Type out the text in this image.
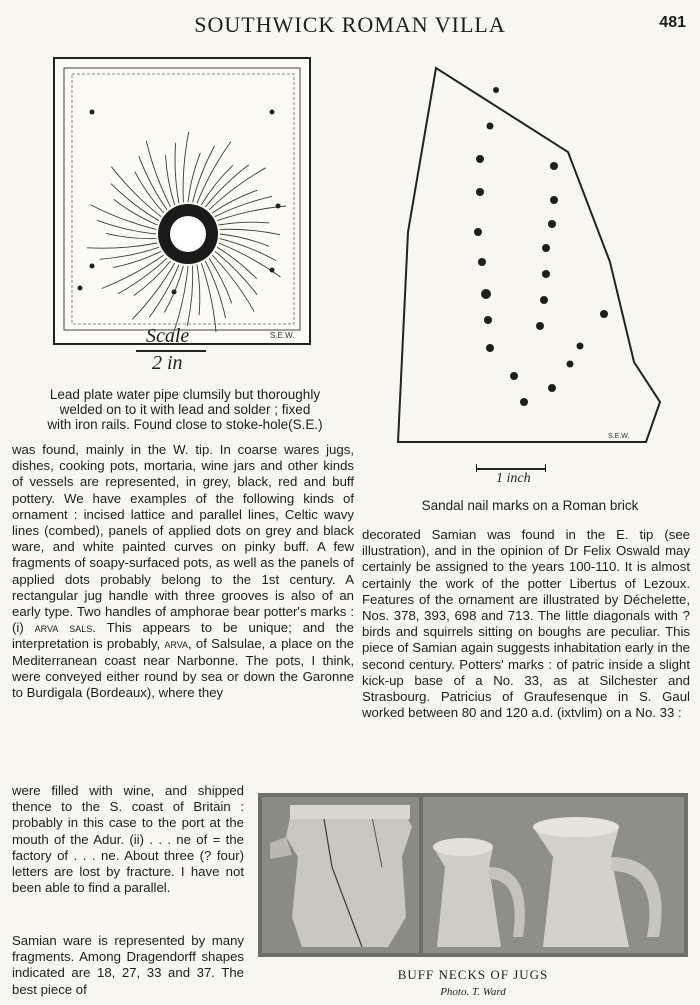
SOUTHWICK ROMAN VILLA	481
S.E.W.
Scale
2 in
Lead plate water pipe clumsily but thoroughly
welded on to it with lead and solder ; fixed
with iron rails. Found close to stoke-hole(S.E.)
S.E.W.
1 inch
Sandal nail marks on a Roman brick

was found, mainly in the W. tip. In coarse wares jugs, dishes, cooking pots, mortaria, wine jars and other kinds of vessels are represented, in grey, black, red and buff pottery. We have examples of the following kinds of ornament : incised lattice and parallel lines, Celtic wavy lines (combed), panels of applied dots on grey and black ware, and white painted curves on pinky buff. A few fragments of soapy-surfaced pots, as well as the panels of applied dots probably belong to the 1st century. A rectangular jug handle with three grooves is also of an early type. Two handles of amphorae bear potter's marks : (i) arva sals. This appears to be unique; and the interpretation is probably, arva, of Salsulae, a place on the Mediterranean coast near Narbonne. The pots, I think, were conveyed either round by sea or down the Garonne to Burdigala (Bordeaux), where they

were filled with wine, and shipped thence to the S. coast of Britain : probably in this case to the port at the mouth of the Adur. (ii) . . . ne of = the factory of . . . ne. About three (? four) letters are lost by fracture. I have not been able to find a parallel.

Samian ware is represented by many fragments. Among Dragendorff shapes indicated are 18, 27, 33 and 37. The best piece of

decorated Samian was found in the E. tip (see illustration), and in the opinion of Dr Felix Oswald may certainly be assigned to the years 100-110. It is almost certainly the work of the potter Libertus of Lezoux. Features of the ornament are illustrated by Déchelette, Nos. 378, 393, 698 and 713. The little diagonals with ? birds and squirrels sitting on boughs are peculiar. This piece of Samian again suggests inhabitation early in the second century. Potters' marks : of patric inside a slight kick-up base of a No. 33, as at Silchester and Strasbourg. Patricius of Graufesenque in S. Gaul worked between 80 and 120 a.d. (ixtvlim) on a No. 33 :

BUFF NECKS OF JUGS
Photo. T. Ward
